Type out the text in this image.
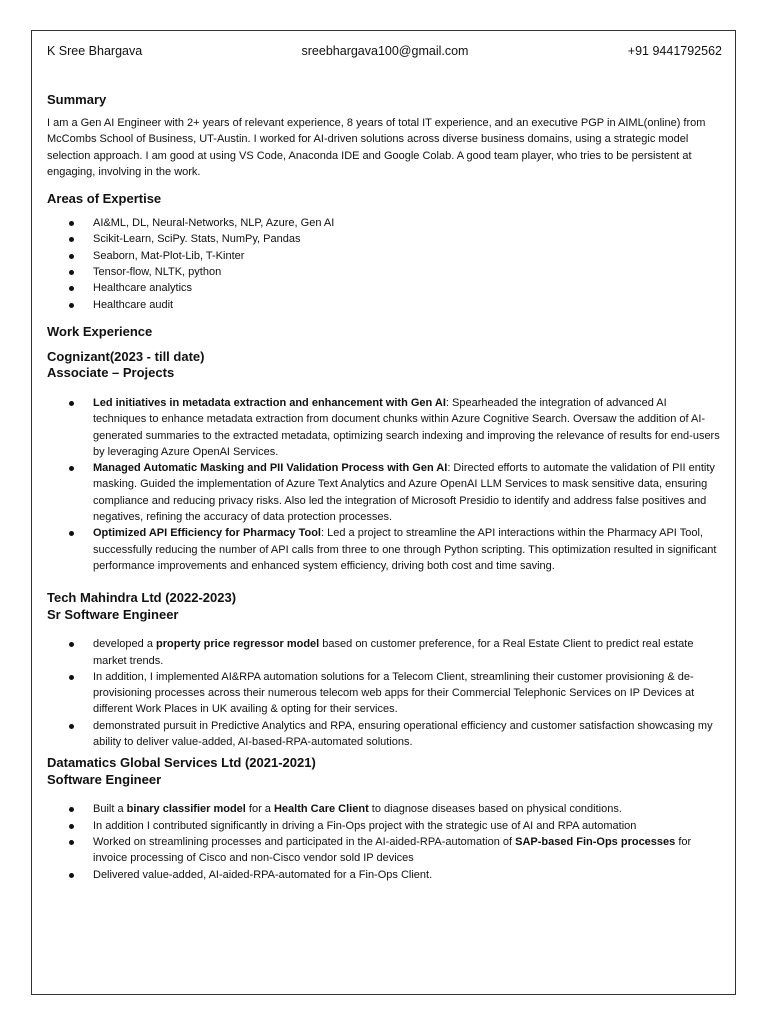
K Sree Bhargava	sreebhargava100@gmail.com	+91 9441792562
Summary

I am a Gen AI Engineer with 2+ years of relevant experience, 8 years of total IT experience, and an executive PGP in AIML(online) from McCombs School of Business, UT-Austin. I worked for AI-driven solutions across diverse business domains, using a strategic model selection approach. I am good at using VS Code, Anaconda IDE and Google Colab. A good team player, who tries to be persistent at engaging, involving in the work.

Areas of Expertise
AI&ML, DL, Neural-Networks, NLP, Azure, Gen AI
Scikit-Learn, SciPy. Stats, NumPy, Pandas
Seaborn, Mat-Plot-Lib, T-Kinter
Tensor-flow, NLTK, python
Healthcare analytics
Healthcare audit
Work Experience

Cognizant(2023 - till date)

Associate – Projects

Led initiatives in metadata extraction and enhancement with Gen AI: Spearheaded the integration of advanced AI techniques to enhance metadata extraction from document chunks within Azure Cognitive Search. Oversaw the addition of AI-generated summaries to the extracted metadata, optimizing search indexing and improving the relevance of results for end-users by leveraging Azure OpenAI Services.
Managed Automatic Masking and PII Validation Process with Gen AI: Directed efforts to automate the validation of PII entity masking. Guided the implementation of Azure Text Analytics and Azure OpenAI LLM Services to mask sensitive data, ensuring compliance and reducing privacy risks. Also led the integration of Microsoft Presidio to identify and address false positives and negatives, refining the accuracy of data protection processes.
Optimized API Efficiency for Pharmacy Tool: Led a project to streamline the API interactions within the Pharmacy API Tool, successfully reducing the number of API calls from three to one through Python scripting. This optimization resulted in significant performance improvements and enhanced system efficiency, driving both cost and time saving.

Tech Mahindra Ltd (2022-2023)

Sr Software Engineer

developed a property price regressor model based on customer preference, for a Real Estate Client to predict real estate market trends.
In addition, I implemented AI&RPA automation solutions for a Telecom Client, streamlining their customer provisioning & de-provisioning processes across their numerous telecom web apps for their Commercial Telephonic Services on IP Devices at different Work Places in UK availing & opting for their services.
demonstrated pursuit in Predictive Analytics and RPA, ensuring operational efficiency and customer satisfaction showcasing my ability to deliver value-added, AI-based-RPA-automated solutions.

Datamatics Global Services Ltd (2021-2021)

Software Engineer

Built a binary classifier model for a Health Care Client to diagnose diseases based on physical conditions.
In addition I contributed significantly in driving a Fin-Ops project with the strategic use of AI and RPA automation
Worked on streamlining processes and participated in the AI-aided-RPA-automation of SAP-based Fin-Ops processes for invoice processing of Cisco and non-Cisco vendor sold IP devices
Delivered value-added, AI-aided-RPA-automated for a Fin-Ops Client.
